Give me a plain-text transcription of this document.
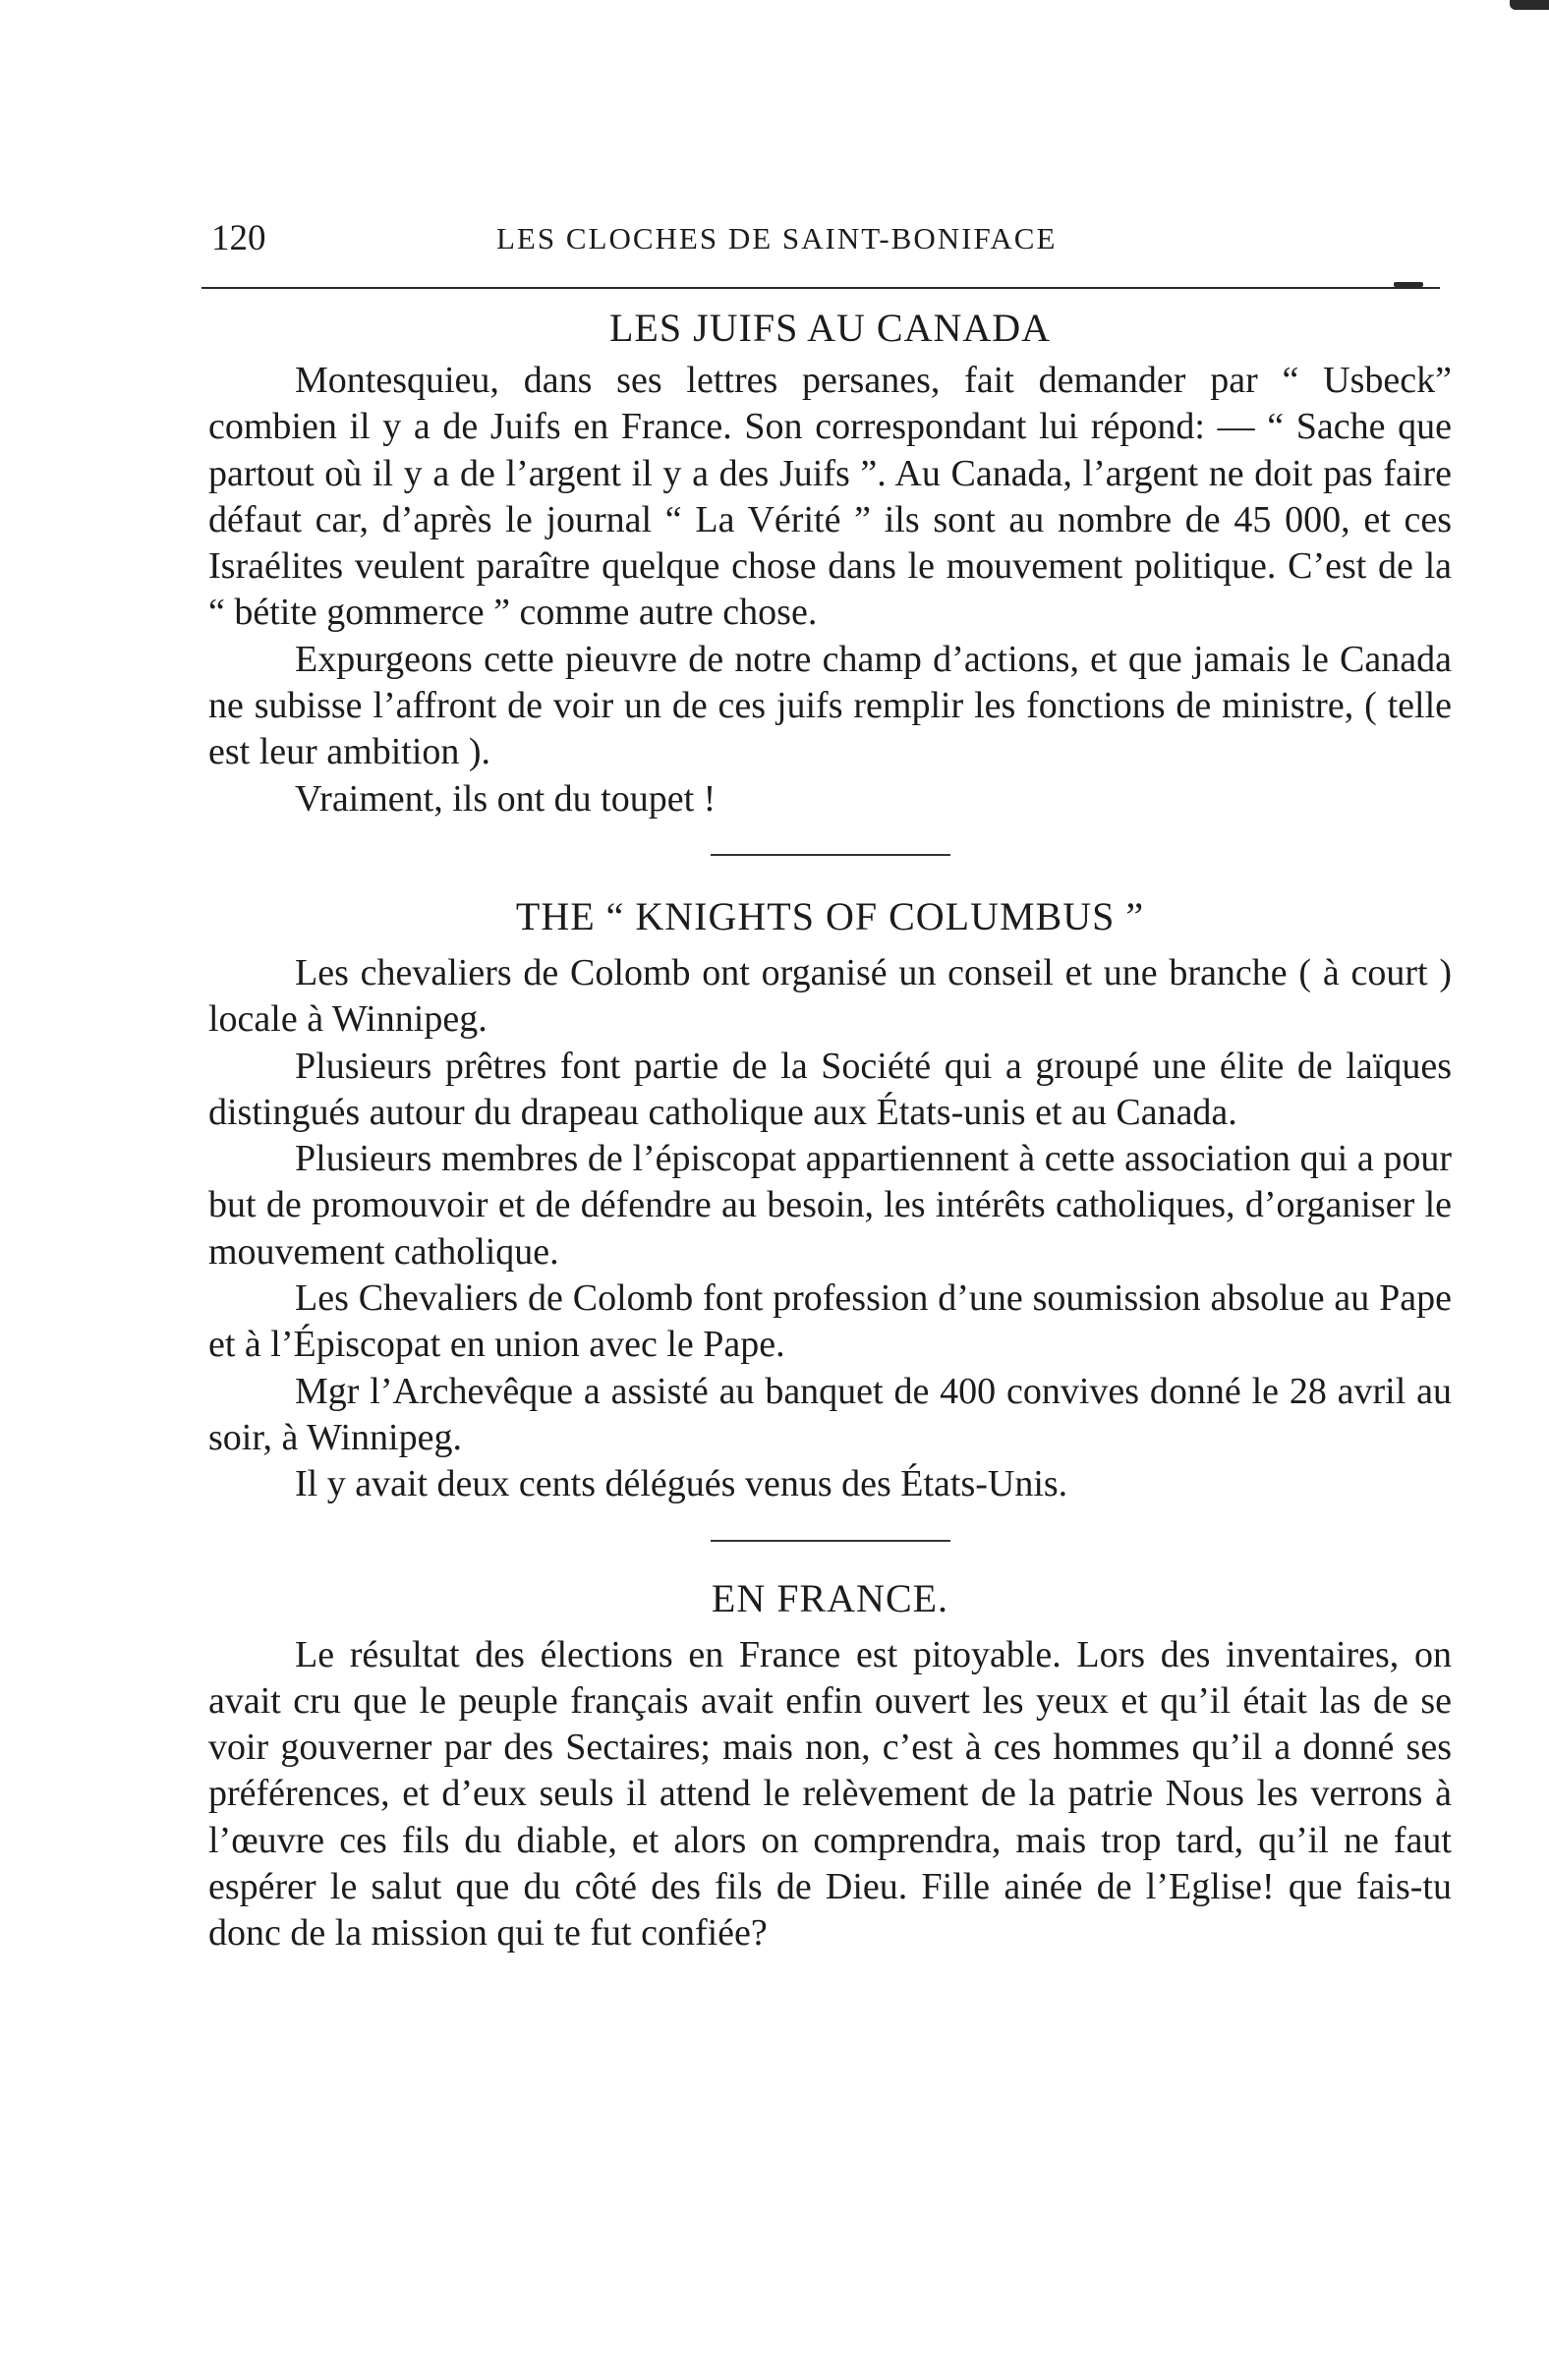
120	LES CLOCHES DE SAINT-BONIFACE
LES JUIFS AU CANADA

Montesquieu, dans ses lettres persanes, fait demander par “ Usbeck” combien il y a de Juifs en France. Son correspondant lui répond: — “ Sache que partout où il y a de l’argent il y a des Juifs ”. Au Canada, l’argent ne doit pas faire défaut car, d’après le journal “ La Vérité ” ils sont au nombre de 45 000, et ces Israélites veulent paraître quelque chose dans le mouvement politique. C’est de la “ bétite gommerce ” comme autre chose.

Expurgeons cette pieuvre de notre champ d’actions, et que jamais le Canada ne subisse l’affront de voir un de ces juifs remplir les fonctions de ministre, ( telle est leur ambition ).

Vraiment, ils ont du toupet !

THE “ KNIGHTS OF COLUMBUS ”

Les chevaliers de Colomb ont organisé un conseil et une branche ( à court ) locale à Winnipeg.

Plusieurs prêtres font partie de la Société qui a groupé une élite de laïques distingués autour du drapeau catholique aux États-unis et au Canada.

Plusieurs membres de l’épiscopat appartiennent à cette association qui a pour but de promouvoir et de défendre au besoin, les intérêts catholiques, d’organiser le mouvement catholique.

Les Chevaliers de Colomb font profession d’une soumission absolue au Pape et à l’Épiscopat en union avec le Pape.

Mgr l’Archevêque a assisté au banquet de 400 convives donné le 28 avril au soir, à Winnipeg.

Il y avait deux cents délégués venus des États-Unis.

EN FRANCE.

Le résultat des élections en France est pitoyable. Lors des inventaires, on avait cru que le peuple français avait enfin ouvert les yeux et qu’il était las de se voir gouverner par des Sectaires; mais non, c’est à ces hommes qu’il a donné ses préférences, et d’eux seuls il attend le relèvement de la patrie Nous les verrons à l’œuvre ces fils du diable, et alors on comprendra, mais trop tard, qu’il ne faut espérer le salut que du côté des fils de Dieu. Fille ainée de l’Eglise! que fais-tu donc de la mission qui te fut confiée?
